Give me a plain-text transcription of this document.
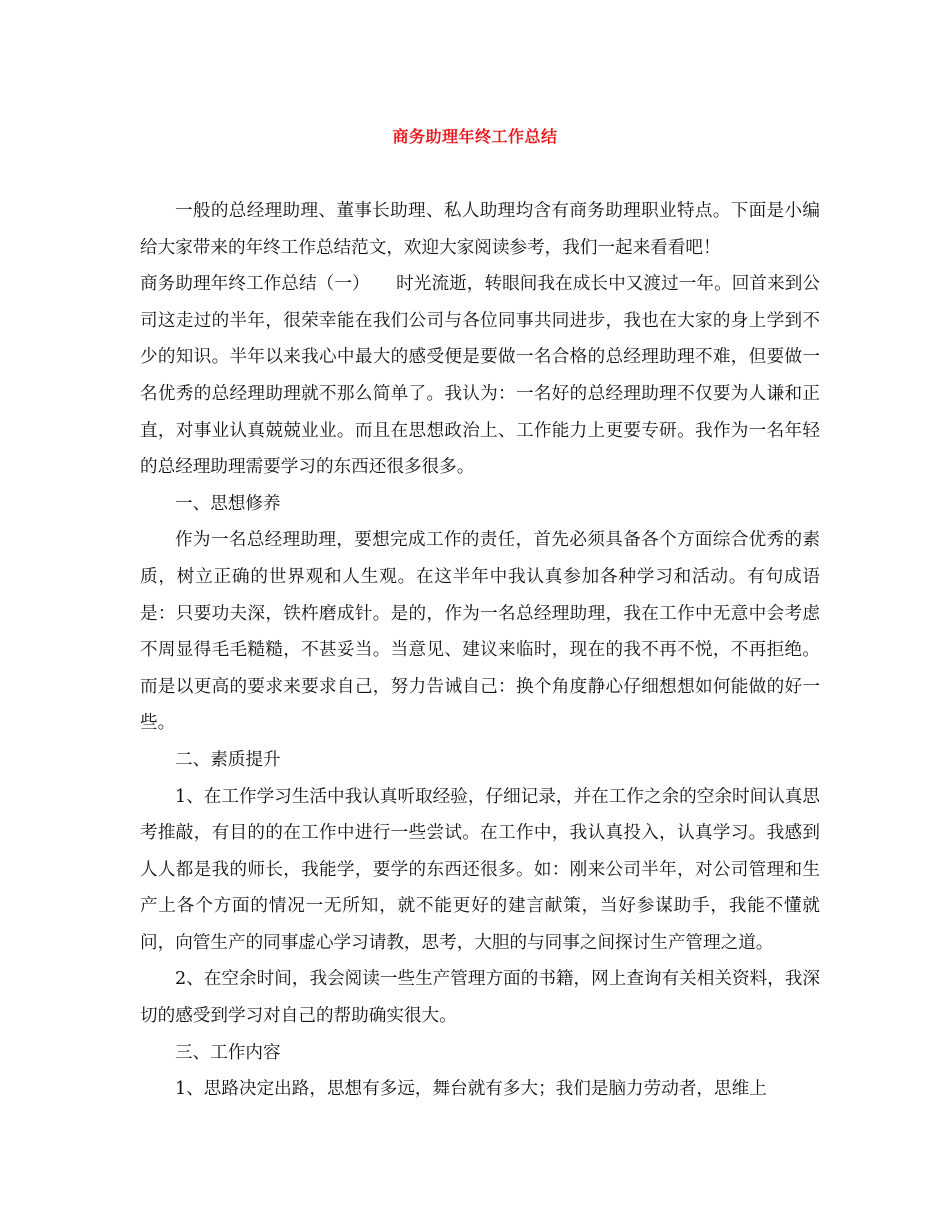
商务助理年终工作总结

一般的总经理助理、董事长助理、私人助理均含有商务助理职业特点。下面是小编给大家带来的年终工作总结范文，欢迎大家阅读参考，我们一起来看看吧！

商务助理年终工作总结（一）　　时光流逝，转眼间我在成长中又渡过一年。回首来到公司这走过的半年，很荣幸能在我们公司与各位同事共同进步，我也在大家的身上学到不少的知识。半年以来我心中最大的感受便是要做一名合格的总经理助理不难，但要做一名优秀的总经理助理就不那么简单了。我认为：一名好的总经理助理不仅要为人谦和正直，对事业认真兢兢业业。而且在思想政治上、工作能力上更要专研。我作为一名年轻的总经理助理需要学习的东西还很多很多。

一、思想修养

作为一名总经理助理，要想完成工作的责任，首先必须具备各个方面综合优秀的素质，树立正确的世界观和人生观。在这半年中我认真参加各种学习和活动。有句成语是：只要功夫深，铁杵磨成针。是的，作为一名总经理助理，我在工作中无意中会考虑不周显得毛毛糙糙，不甚妥当。当意见、建议来临时，现在的我不再不悦，不再拒绝。而是以更高的要求来要求自己，努力告诫自己：换个角度静心仔细想想如何能做的好一些。

二、素质提升

1、在工作学习生活中我认真听取经验，仔细记录，并在工作之余的空余时间认真思考推敲，有目的的在工作中进行一些尝试。在工作中，我认真投入，认真学习。我感到人人都是我的师长，我能学，要学的东西还很多。如：刚来公司半年，对公司管理和生产上各个方面的情况一无所知，就不能更好的建言献策，当好参谋助手，我能不懂就问，向管生产的同事虚心学习请教，思考，大胆的与同事之间探讨生产管理之道。

2、在空余时间，我会阅读一些生产管理方面的书籍，网上查询有关相关资料，我深切的感受到学习对自己的帮助确实很大。

三、工作内容

1、思路决定出路，思想有多远，舞台就有多大；我们是脑力劳动者，思维上
